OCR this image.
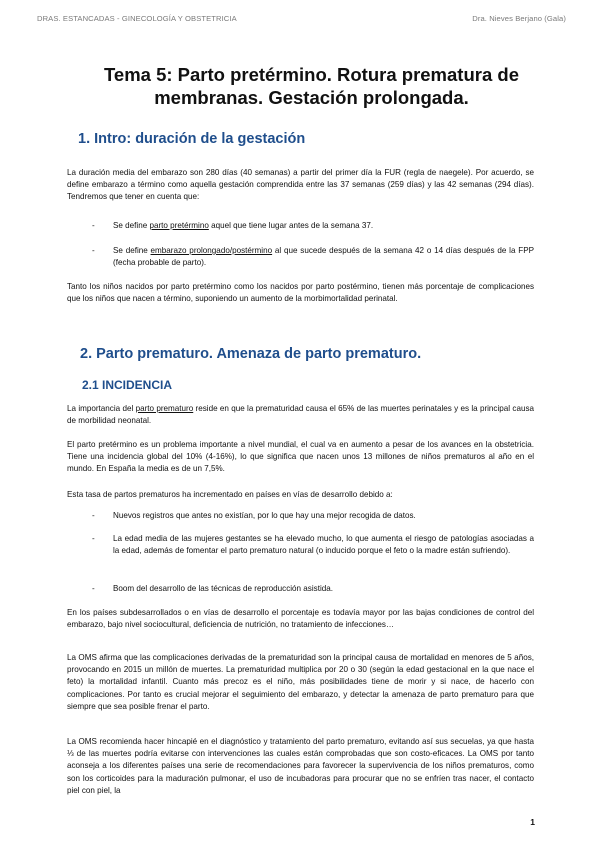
DRAS. ESTANCADAS - GINECOLOGÍA Y OBSTETRICIA	Dra. Nieves Berjano (Gala)
Tema 5: Parto pretérmino. Rotura prematura de membranas. Gestación prolongada.
1. Intro: duración de la gestación

La duración media del embarazo son 280 días (40 semanas) a partir del primer día la FUR (regla de naegele). Por acuerdo, se define embarazo a término como aquella gestación comprendida entre las 37 semanas (259 días) y las 42 semanas (294 días). Tendremos que tener en cuenta que:

- Se define parto pretérmino aquel que tiene lugar antes de la semana 37.
- Se define embarazo prolongado/postérmino al que sucede después de la semana 42 o 14 días después de la FPP (fecha probable de parto).

Tanto los niños nacidos por parto pretérmino como los nacidos por parto postérmino, tienen más porcentaje de complicaciones que los niños que nacen a término, suponiendo un aumento de la morbimortalidad perinatal.

2. Parto prematuro. Amenaza de parto prematuro.
2.1 INCIDENCIA

La importancia del parto prematuro reside en que la prematuridad causa el 65% de las muertes perinatales y es la principal causa de morbilidad neonatal.

El parto pretérmino es un problema importante a nivel mundial, el cual va en aumento a pesar de los avances en la obstetricia. Tiene una incidencia global del 10% (4-16%), lo que significa que nacen unos 13 millones de niños prematuros al año en el mundo. En España la media es de un 7,5%.

Esta tasa de partos prematuros ha incrementado en países en vías de desarrollo debido a:

- Nuevos registros que antes no existían, por lo que hay una mejor recogida de datos.
- La edad media de las mujeres gestantes se ha elevado mucho, lo que aumenta el riesgo de patologías asociadas a la edad, además de fomentar el parto prematuro natural (o inducido porque el feto o la madre están sufriendo).
- Boom del desarrollo de las técnicas de reproducción asistida.

En los países subdesarrollados o en vías de desarrollo el porcentaje es todavía mayor por las bajas condiciones de control del embarazo, bajo nivel sociocultural, deficiencia de nutrición, no tratamiento de infecciones…

La OMS afirma que las complicaciones derivadas de la prematuridad son la principal causa de mortalidad en menores de 5 años, provocando en 2015 un millón de muertes. La prematuridad multiplica por 20 o 30 (según la edad gestacional en la que nace el feto) la mortalidad infantil. Cuanto más precoz es el niño, más posibilidades tiene de morir y si nace, de hacerlo con complicaciones. Por tanto es crucial mejorar el seguimiento del embarazo, y detectar la amenaza de parto prematuro para que siempre que sea posible frenar el parto.

La OMS recomienda hacer hincapié en el diagnóstico y tratamiento del parto prematuro, evitando así sus secuelas, ya que hasta ⅓ de las muertes podría evitarse con intervenciones las cuales están comprobadas que son costo-eficaces. La OMS por tanto aconseja a los diferentes países una serie de recomendaciones para favorecer la supervivencia de los niños prematuros, como son los corticoides para la maduración pulmonar, el uso de incubadoras para procurar que no se enfríen tras nacer, el contacto piel con piel, la

1
